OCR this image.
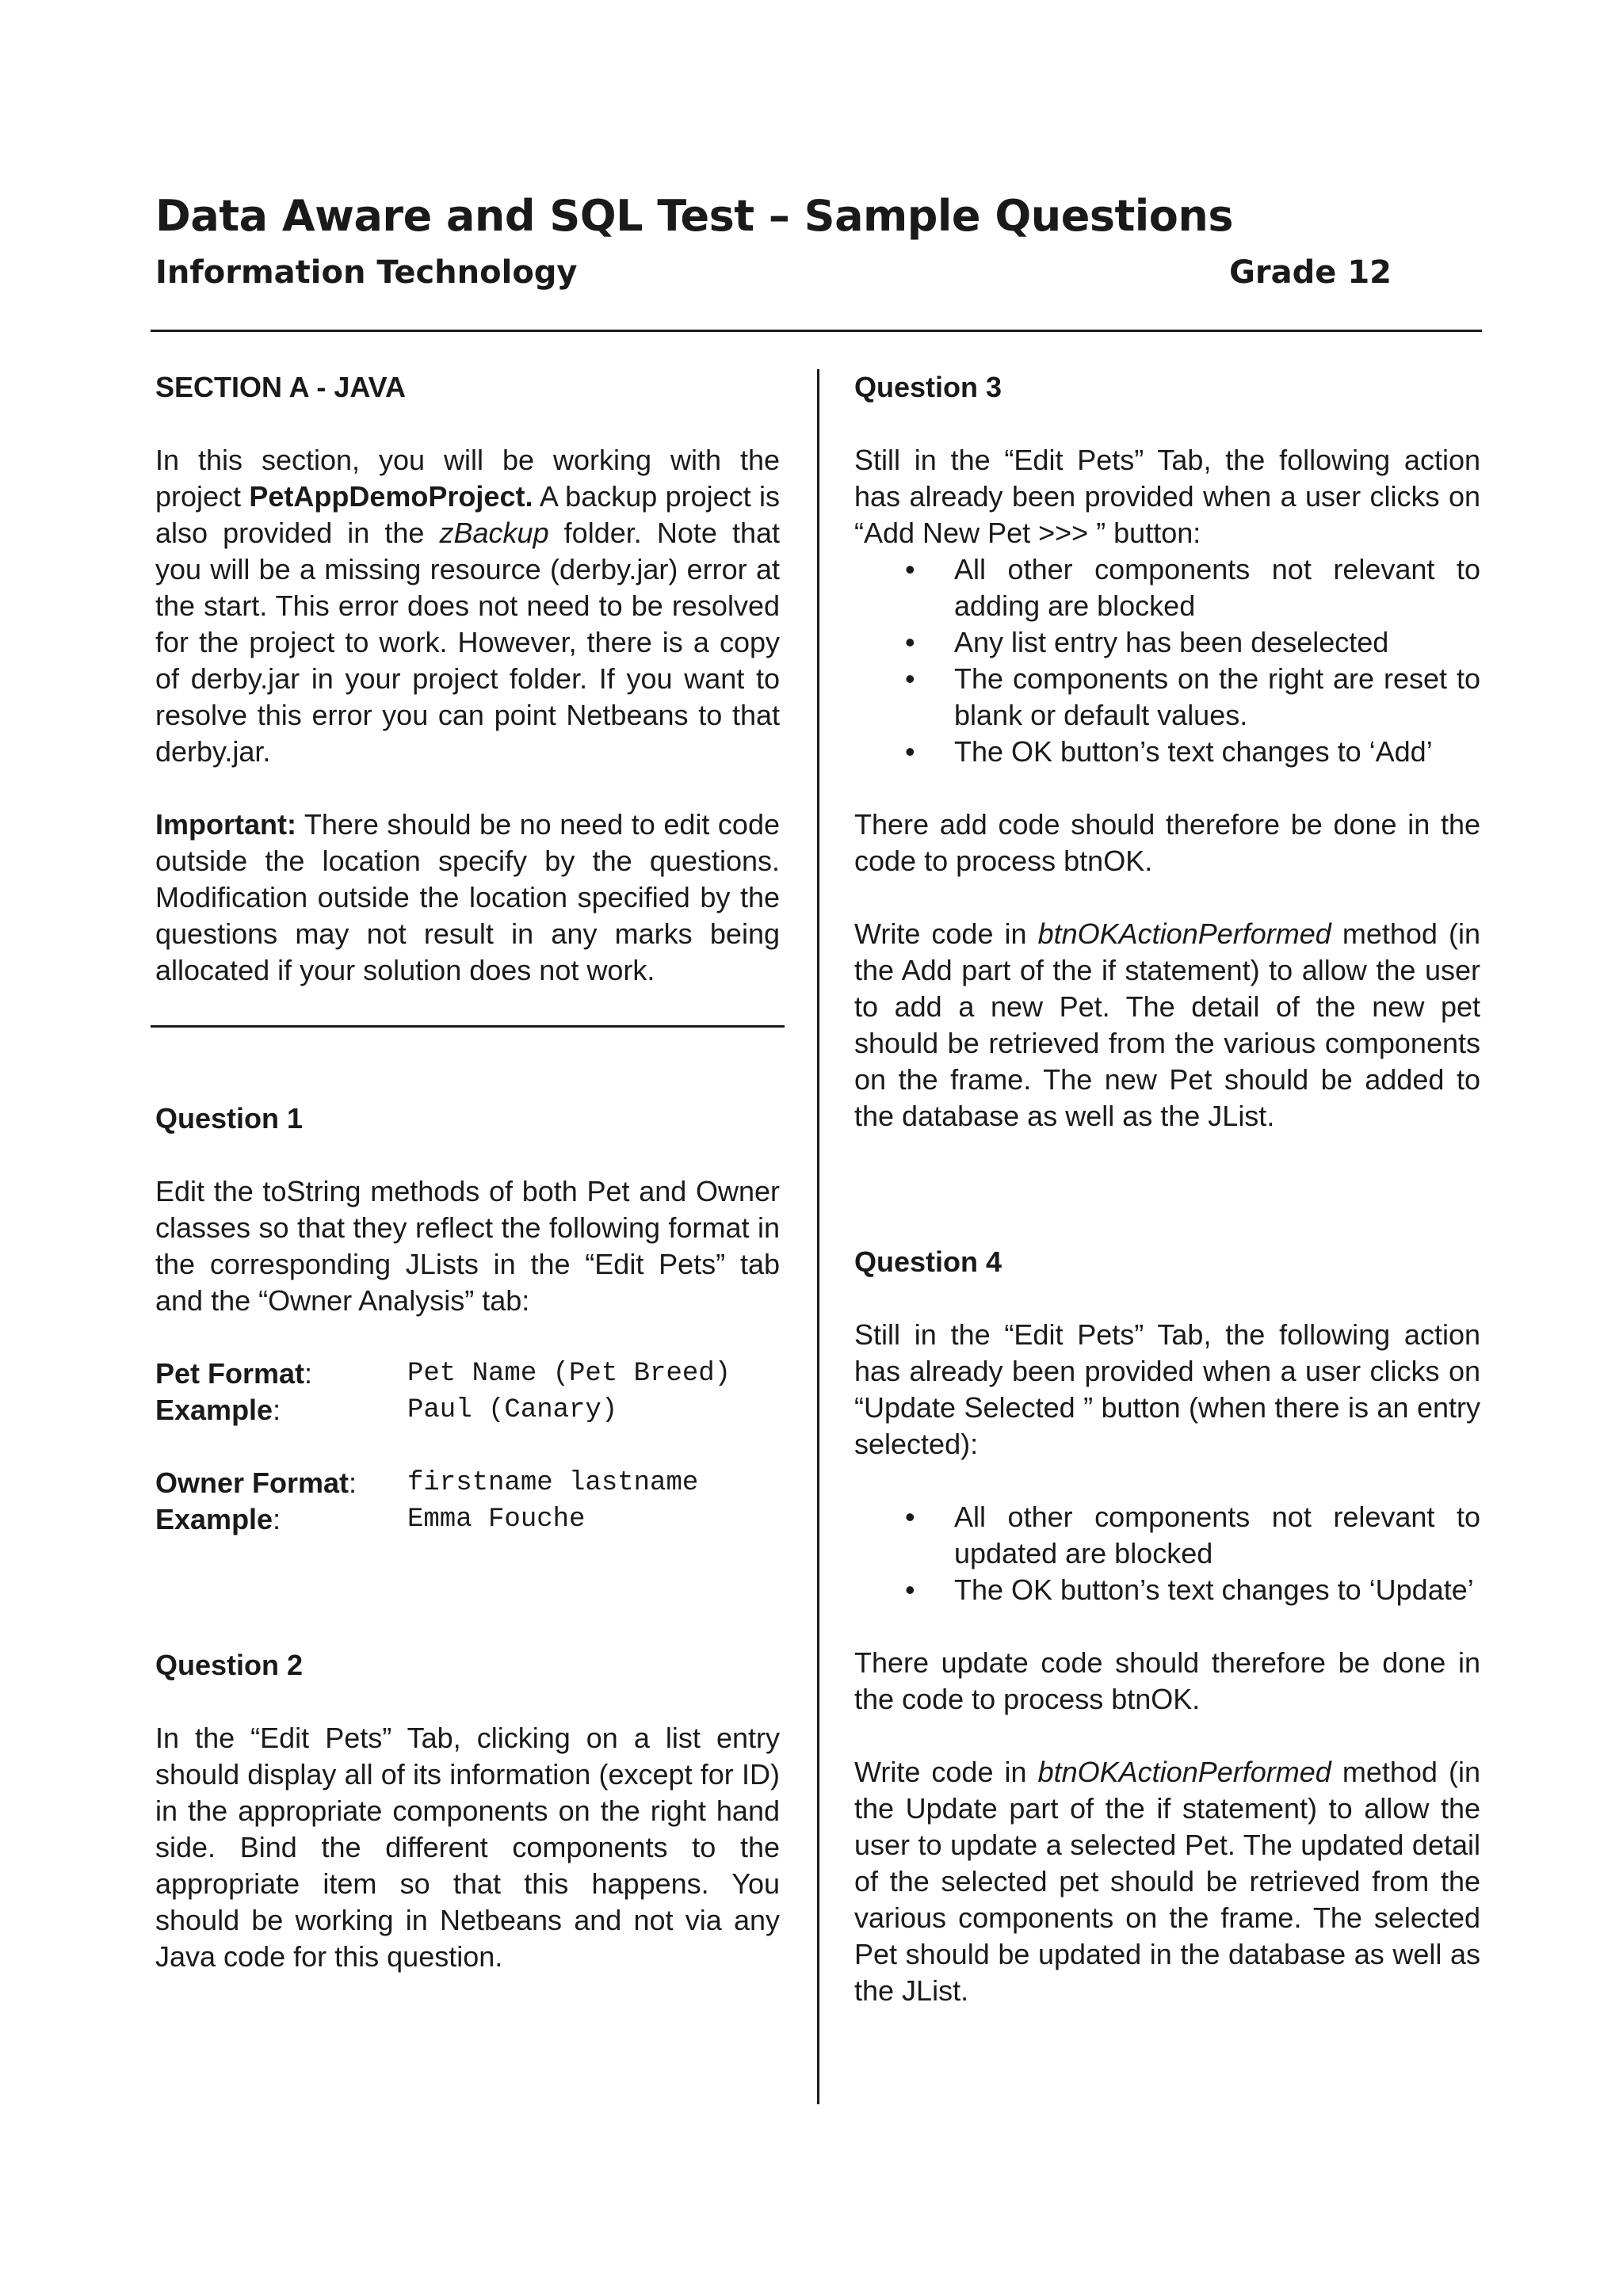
Data Aware and SQL Test – Sample Questions
Information Technology	Grade 12

SECTION A - JAVA

In this section, you will be working with the project PetAppDemoProject. A backup project is also provided in the zBackup folder. Note that you will be a missing resource (derby.jar) error at the start. This error does not need to be resolved for the project to work. However, there is a copy of derby.jar in your project folder. If you want to resolve this error you can point Netbeans to that derby.jar.

Important: There should be no need to edit code outside the location specify by the questions. Modification outside the location specified by the questions may not result in any marks being allocated if your solution does not work.

Question 1

Edit the toString methods of both Pet and Owner classes so that they reflect the following format in the corresponding JLists in the “Edit Pets” tab and the “Owner Analysis” tab:

Pet Format:	Pet Name (Pet Breed)
Example:	Paul (Canary)
Owner Format:	firstname lastname
Example:	Emma Fouche

Question 2

In the “Edit Pets” Tab, clicking on a list entry should display all of its information (except for ID) in the appropriate components on the right hand side. Bind the different components to the appropriate item so that this happens. You should be working in Netbeans and not via any Java code for this question.

Question 3

Still in the “Edit Pets” Tab, the following action has already been provided when a user clicks on “Add New Pet >>> ” button:

• All other components not relevant to adding are blocked
• Any list entry has been deselected
• The components on the right are reset to blank or default values.
• The OK button’s text changes to ‘Add’

There add code should therefore be done in the code to process btnOK.

Write code in btnOKActionPerformed method (in the Add part of the if statement) to allow the user to add a new Pet. The detail of the new pet should be retrieved from the various components on the frame. The new Pet should be added to the database as well as the JList.

Question 4

Still in the “Edit Pets” Tab, the following action has already been provided when a user clicks on “Update Selected ” button (when there is an entry selected):

• All other components not relevant to updated are blocked
• The OK button’s text changes to ‘Update’

There update code should therefore be done in the code to process btnOK.

Write code in btnOKActionPerformed method (in the Update part of the if statement) to allow the user to update a selected Pet. The updated detail of the selected pet should be retrieved from the various components on the frame. The selected Pet should be updated in the database as well as the JList.
